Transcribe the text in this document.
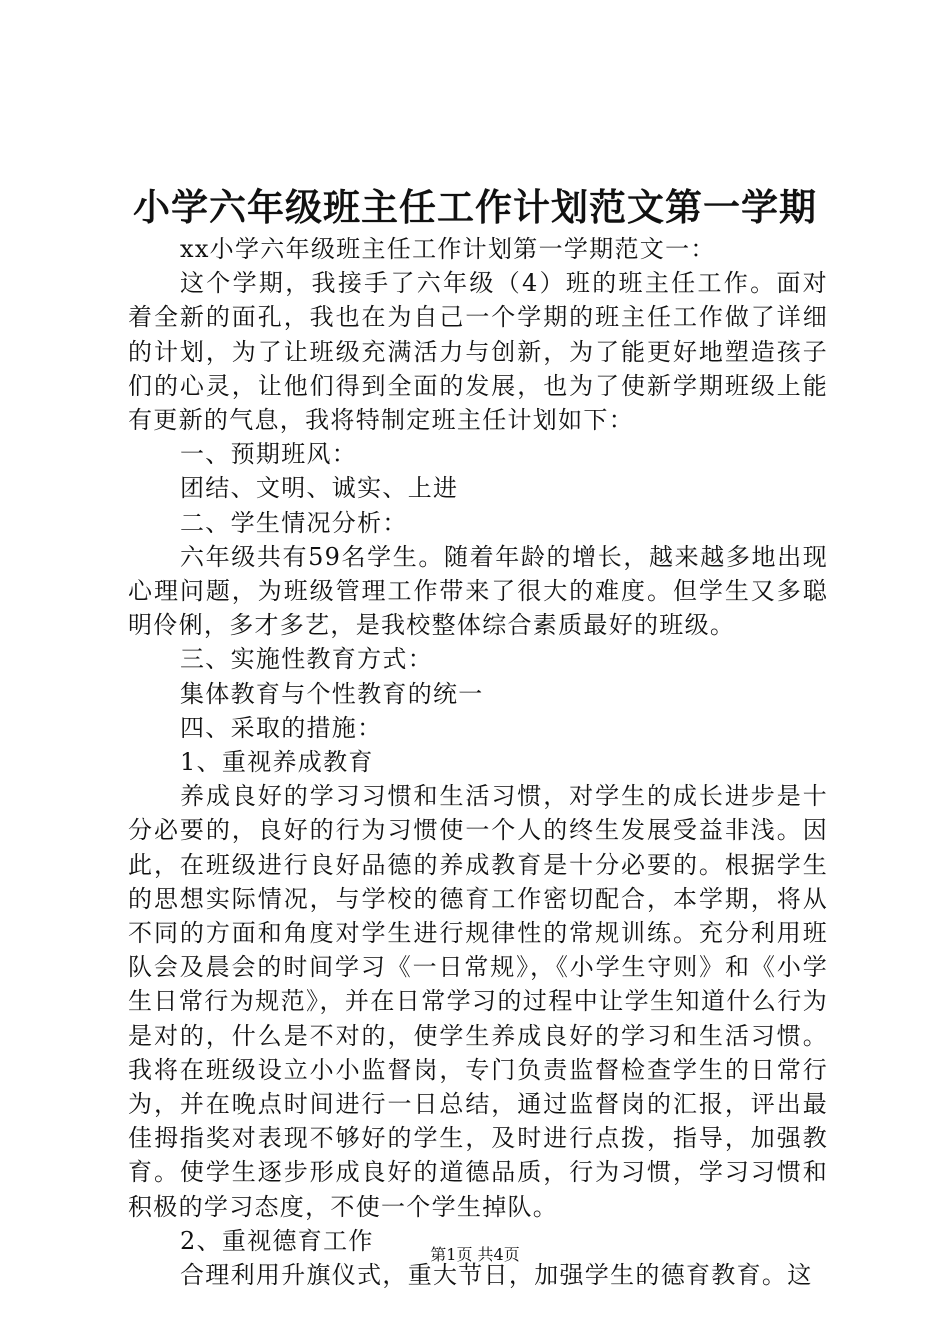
小学六年级班主任工作计划范文第一学期

xx小学六年级班主任工作计划第一学期范文一：

这个学期，我接手了六年级（4）班的班主任工作。面对着全新的面孔，我也在为自己一个学期的班主任工作做了详细的计划，为了让班级充满活力与创新，为了能更好地塑造孩子们的心灵，让他们得到全面的发展，也为了使新学期班级上能有更新的气息，我将特制定班主任计划如下：

一、预期班风：

团结、文明、诚实、上进

二、学生情况分析：

六年级共有59名学生。随着年龄的增长，越来越多地出现心理问题，为班级管理工作带来了很大的难度。但学生又多聪明伶俐，多才多艺，是我校整体综合素质最好的班级。

三、实施性教育方式：

集体教育与个性教育的统一

四、采取的措施：

1、重视养成教育

养成良好的学习习惯和生活习惯，对学生的成长进步是十分必要的，良好的行为习惯使一个人的终生发展受益非浅。因此，在班级进行良好品德的养成教育是十分必要的。根据学生的思想实际情况，与学校的德育工作密切配合，本学期，将从不同的方面和角度对学生进行规律性的常规训练。充分利用班队会及晨会的时间学习《一日常规》，《小学生守则》和《小学生日常行为规范》，并在日常学习的过程中让学生知道什么行为是对的，什么是不对的，使学生养成良好的学习和生活习惯。我将在班级设立小小监督岗，专门负责监督检查学生的日常行为，并在晚点时间进行一日总结，通过监督岗的汇报，评出最佳拇指奖对表现不够好的学生，及时进行点拨，指导，加强教育。使学生逐步形成良好的道德品质，行为习惯，学习习惯和积极的学习态度，不使一个学生掉队。

2、重视德育工作

合理利用升旗仪式，重大节日，加强学生的德育教育。这

第1页 共4页
